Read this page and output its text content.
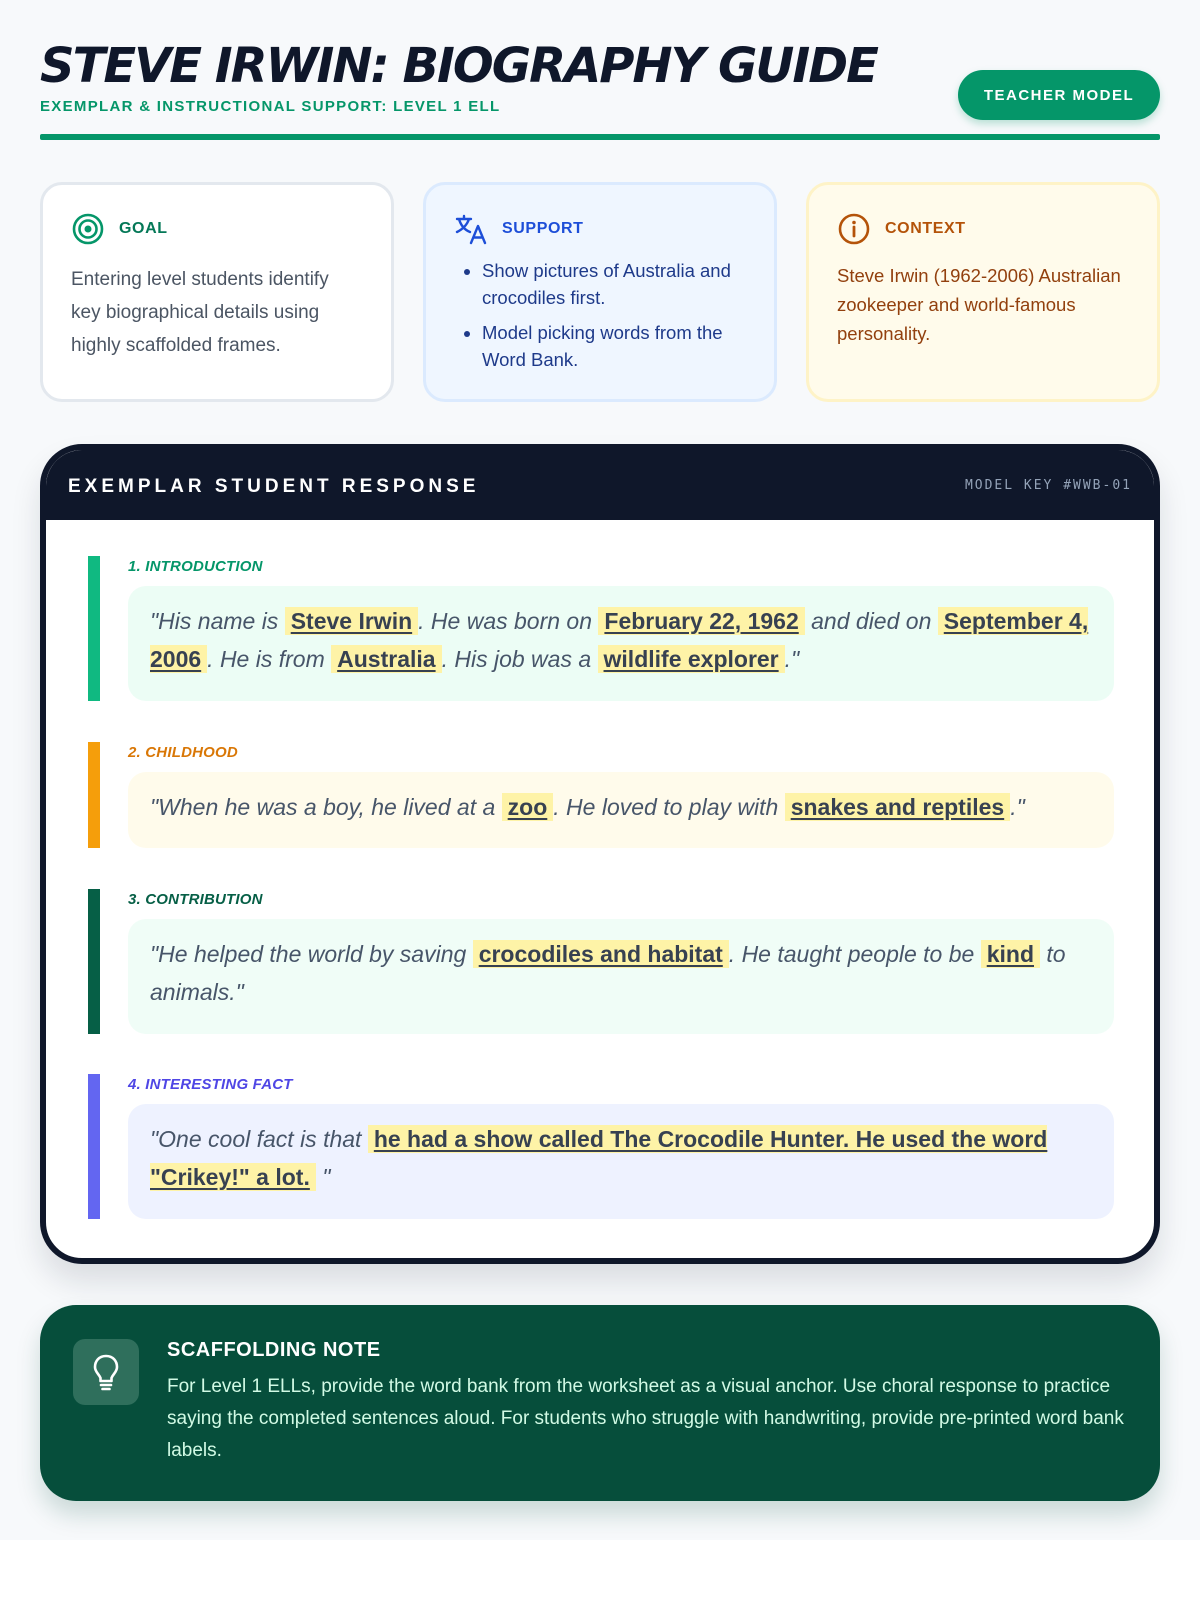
STEVE IRWIN: BIOGRAPHY GUIDE
EXEMPLAR & INSTRUCTIONAL SUPPORT: LEVEL 1 ELL
TEACHER MODEL
GOAL
Entering level students identify key biographical details using highly scaffolded frames.
SUPPORT
• Show pictures of Australia and crocodiles first.
• Model picking words from the Word Bank.
CONTEXT
Steve Irwin (1962-2006) Australian zookeeper and world-famous personality.
EXEMPLAR STUDENT RESPONSE	MODEL KEY #WWB-01
1. INTRODUCTION
"His name is Steve Irwin . He was born on February 22, 1962 and died on September 4, 2006 . He is from Australia . His job was a wildlife explorer ."
2. CHILDHOOD
"When he was a boy, he lived at a zoo . He loved to play with snakes and reptiles ."
3. CONTRIBUTION
"He helped the world by saving crocodiles and habitat . He taught people to be kind to animals."
4. INTERESTING FACT
"One cool fact is that he had a show called The Crocodile Hunter. He used the word "Crikey!" a lot. "
SCAFFOLDING NOTE
For Level 1 ELLs, provide the word bank from the worksheet as a visual anchor. Use choral response to practice saying the completed sentences aloud. For students who struggle with handwriting, provide pre-printed word bank labels.
